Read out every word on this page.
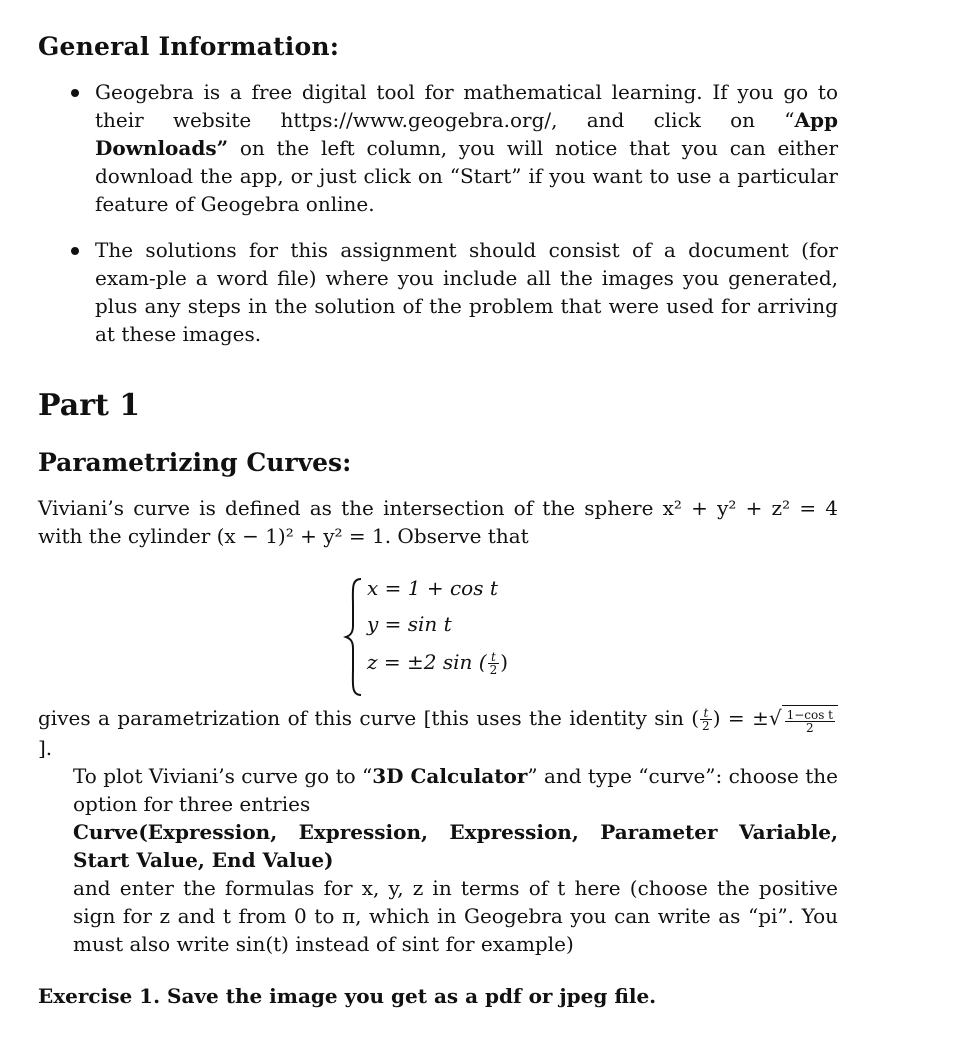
General Information:
Geogebra is a free digital tool for mathematical learning. If you go to their website https://www.geogebra.org/, and click on “App Downloads” on the left column, you will notice that you can either download the app, or just click on “Start” if you want to use a particular feature of Geogebra online.
The solutions for this assignment should consist of a document (for exam-ple a word file) where you include all the images you generated, plus any steps in the solution of the problem that were used for arriving at these images.
Part 1
Parametrizing Curves:
Viviani’s curve is defined as the intersection of the sphere x² + y² + z² = 4 with the cylinder (x − 1)² + y² = 1. Observe that
x = 1 + cos t
y = sin t
z = ±2 sin ( $\frac{t}{2}$ )
gives a parametrization of this curve [this uses the identity sin ( $\frac{t}{2}$ ) = ±√ $\frac{\text{1−cos t}}{2}$
].
To plot Viviani’s curve go to “3D Calculator” and type “curve”: choose the option for three entries
Curve(Expression, Expression, Expression, Parameter Variable, Start Value, End Value)
and enter the formulas for x, y, z in terms of t here (choose the positive sign for z and t from 0 to π, which in Geogebra you can write as “pi”. You must also write sin(t) instead of sint for example)
Exercise 1. Save the image you get as a pdf or jpeg file.
